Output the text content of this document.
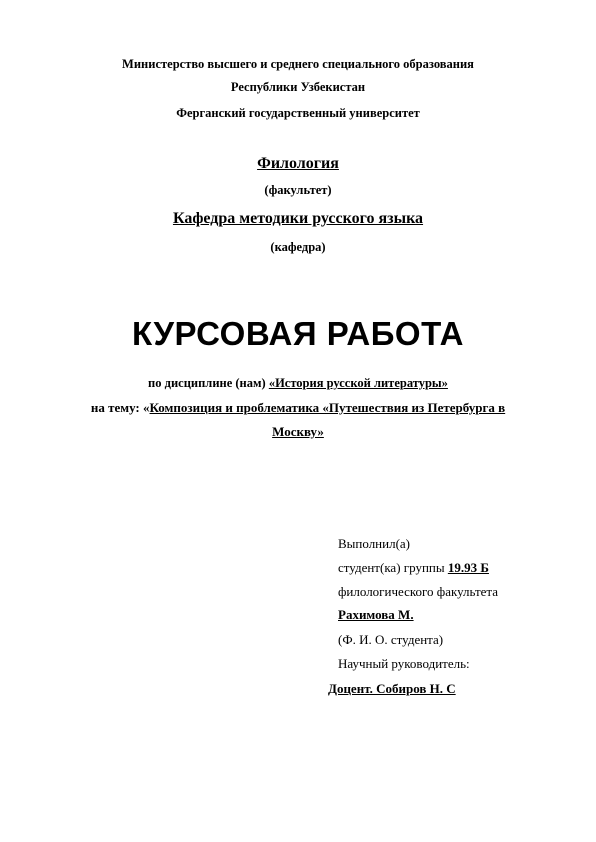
Министерство высшего и среднего специального образования
Республики Узбекистан
Ферганский государственный университет
Филология
(факультет)
Кафедра методики русского языка
(кафедра)
КУРСОВАЯ РАБОТА
по дисциплине (нам) «История русской литературы»
на тему: «Композиция и проблематика «Путешествия из Петербурга в
Москву»
Выполнил(а)
студент(ка) группы 19.93 Б
филологического факультета
Рахимова М.
(Ф. И. О. студента)
Научный руководитель:
Доцент. Собиров Н. С
